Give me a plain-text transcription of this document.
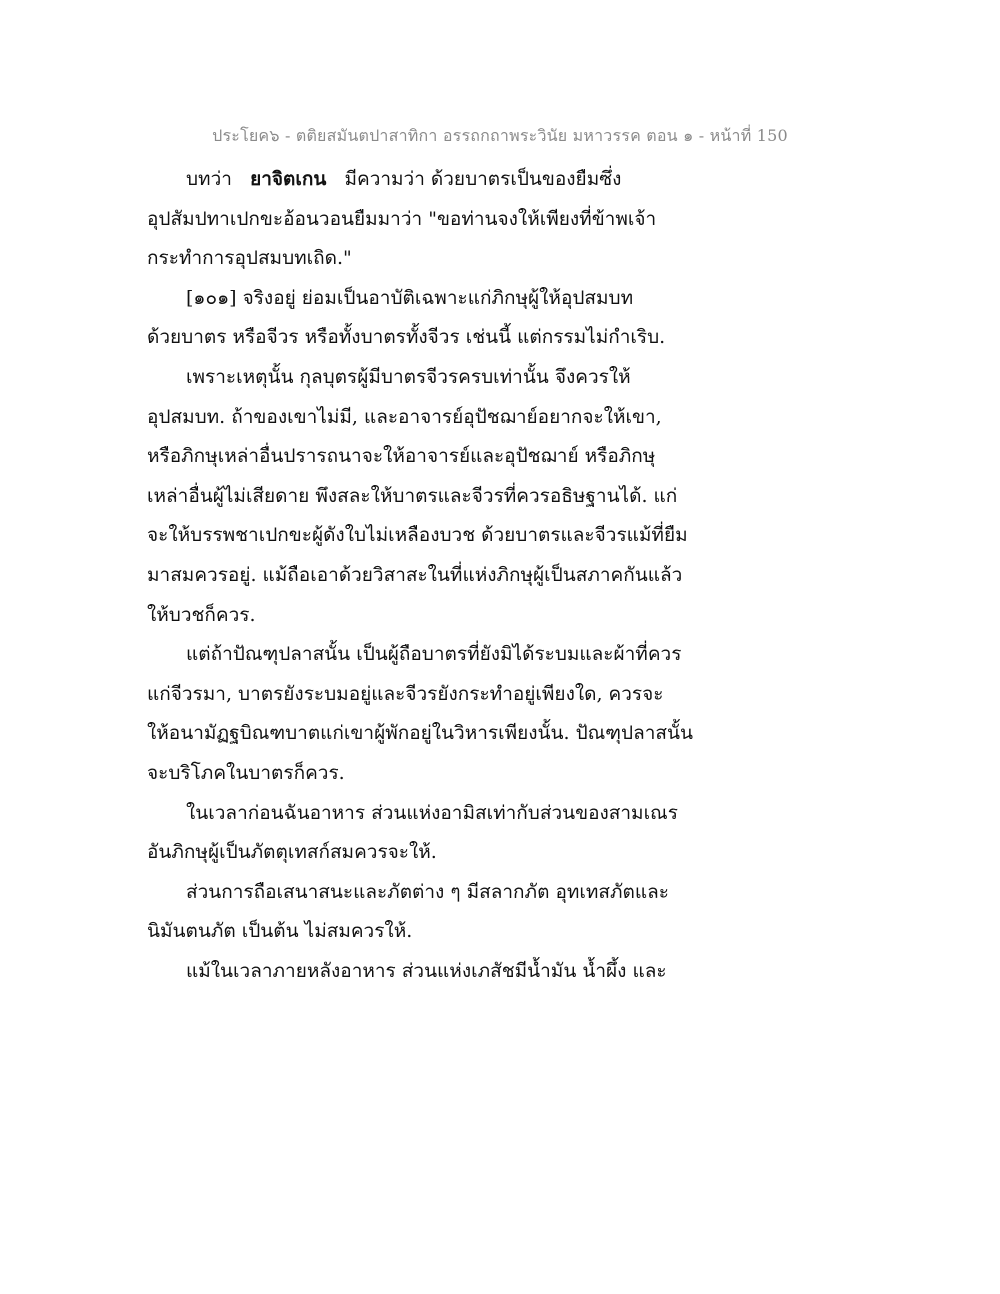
ประโยค๖ - ตติยสมันตปาสาทิกา อรรถกถาพระวินัย มหาวรรค ตอน ๑ - หน้าที่ 150
บทว่า ยาจิตเกน มีความว่า ด้วยบาตรเป็นของยืมซึ่ง
อุปสัมปทาเปกขะอ้อนวอนยืมมาว่า "ขอท่านจงให้เพียงที่ข้าพเจ้า
กระทำการอุปสมบทเถิด."
[๑๐๑] จริงอยู่ ย่อมเป็นอาบัติเฉพาะแก่ภิกษุผู้ให้อุปสมบท
ด้วยบาตร หรือจีวร หรือทั้งบาตรทั้งจีวร เช่นนี้ แต่กรรมไม่กำเริบ.
เพราะเหตุนั้น กุลบุตรผู้มีบาตรจีวรครบเท่านั้น จึงควรให้
อุปสมบท. ถ้าของเขาไม่มี, และอาจารย์อุปัชฌาย์อยากจะให้เขา,
หรือภิกษุเหล่าอื่นปรารถนาจะให้อาจารย์และอุปัชฌาย์ หรือภิกษุ
เหล่าอื่นผู้ไม่เสียดาย พึงสละให้บาตรและจีวรที่ควรอธิษฐานได้. แก่
จะให้บรรพชาเปกขะผู้ดังใบไม่เหลืองบวช ด้วยบาตรและจีวรแม้ที่ยืม
มาสมควรอยู่. แม้ถือเอาด้วยวิสาสะในที่แห่งภิกษุผู้เป็นสภาคกันแล้ว
ให้บวชก็ควร.
แต่ถ้าปัณฑุปลาสนั้น เป็นผู้ถือบาตรที่ยังมิได้ระบมและผ้าที่ควร
แก่จีวรมา, บาตรยังระบมอยู่และจีวรยังกระทำอยู่เพียงใด, ควรจะ
ให้อนามัฏฐบิณฑบาตแก่เขาผู้พักอยู่ในวิหารเพียงนั้น. ปัณฑุปลาสนั้น
จะบริโภคในบาตรก็ควร.
ในเวลาก่อนฉันอาหาร ส่วนแห่งอามิสเท่ากับส่วนของสามเณร
อันภิกษุผู้เป็นภัตตุเทสก์สมควรจะให้.
ส่วนการถือเสนาสนะและภัตต่าง ๆ มีสลากภัต อุทเทสภัตและ
นิมันตนภัต เป็นต้น ไม่สมควรให้.
แม้ในเวลาภายหลังอาหาร ส่วนแห่งเภสัชมีน้ำมัน น้ำผึ้ง และ
